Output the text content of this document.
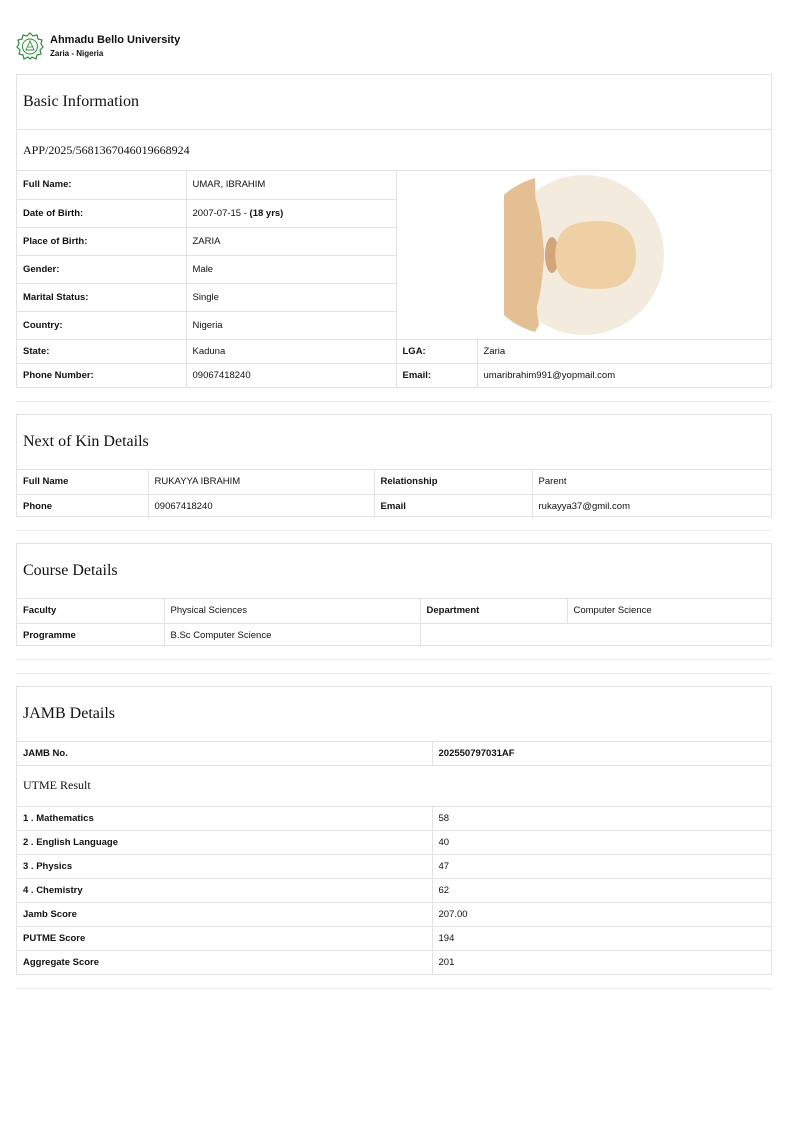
Ahmadu Bello University
Zaria - Nigeria
Basic Information
APP/2025/5681367046019668924
Full Name:	UMAR, IBRAHIM	

Date of Birth:	2007-07-15 - (18 yrs)		
Place of Birth:	ZARIA		
Gender:	Male		
Marital Status:	Single		
Country:	Nigeria		
State:	Kaduna	LGA:	Zaria
Phone Number:	09067418240	Email:	umaribrahim991@yopmail.com
Next of Kin Details
Full Name	RUKAYYA IBRAHIM	Relationship	Parent
Phone	09067418240	Email	rukayya37@gmil.com
Course Details
Faculty	Physical Sciences	Department	Computer Science
Programme	B.Sc Computer Science		
JAMB Details
JAMB No.	202550797031AF
UTME Result
1 . Mathematics	58
2 . English Language	40
3 . Physics	47
4 . Chemistry	62
Jamb Score	207.00
PUTME Score	194
Aggregate Score	201
